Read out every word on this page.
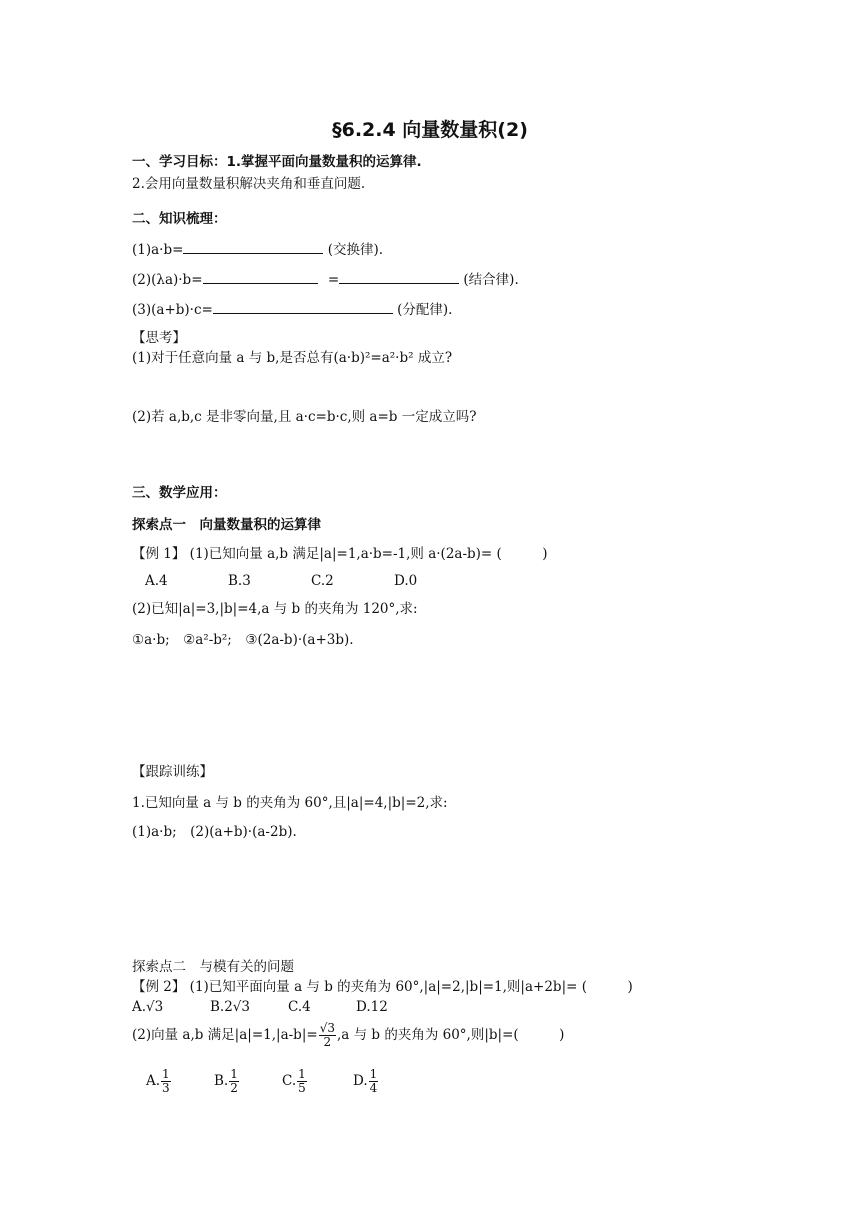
§6.2.4 向量数量积(2)
一、学习目标：1.掌握平面向量数量积的运算律.
2.会用向量数量积解决夹角和垂直问题.
二、知识梳理：
(1)a·b=	(交换律).
(2)(λa)·b=	=	(结合律).
(3)(a+b)·c=	(分配律).
【思考】
(1)对于任意向量 a 与 b,是否总有(a·b)²=a²·b² 成立?
(2)若 a,b,c 是非零向量,且 a·c=b·c,则 a=b 一定成立吗?
三、数学应用：
探索点一　向量数量积的运算律
【例 1】 (1)已知向量 a,b 满足|a|=1,a·b=-1,则 a·(2a-b)= (　　　)
A.4	B.3	C.2	D.0
(2)已知|a|=3,|b|=4,a 与 b 的夹角为 120°,求:
①a·b;　②a²-b²;　③(2a-b)·(a+3b).
【跟踪训练】
1.已知向量 a 与 b 的夹角为 60°,且|a|=4,|b|=2,求:
(1)a·b;　(2)(a+b)·(a-2b).
探索点二　与模有关的问题
【例 2】 (1)已知平面向量 a 与 b 的夹角为 60°,|a|=2,|b|=1,则|a+2b|= (　　　)
A.√3	B.2√3	C.4	D.12
(2)向量 a,b 满足$|a|=1,|a-b|= \frac{√3}{2} ,a$ 与 b 的夹角为 60°,则|b|=(　　　)
A. $\frac{1}{3}$	B. $\frac{1}{2}$	C. $\frac{1}{5}$	D. $\frac{1}{4}$
